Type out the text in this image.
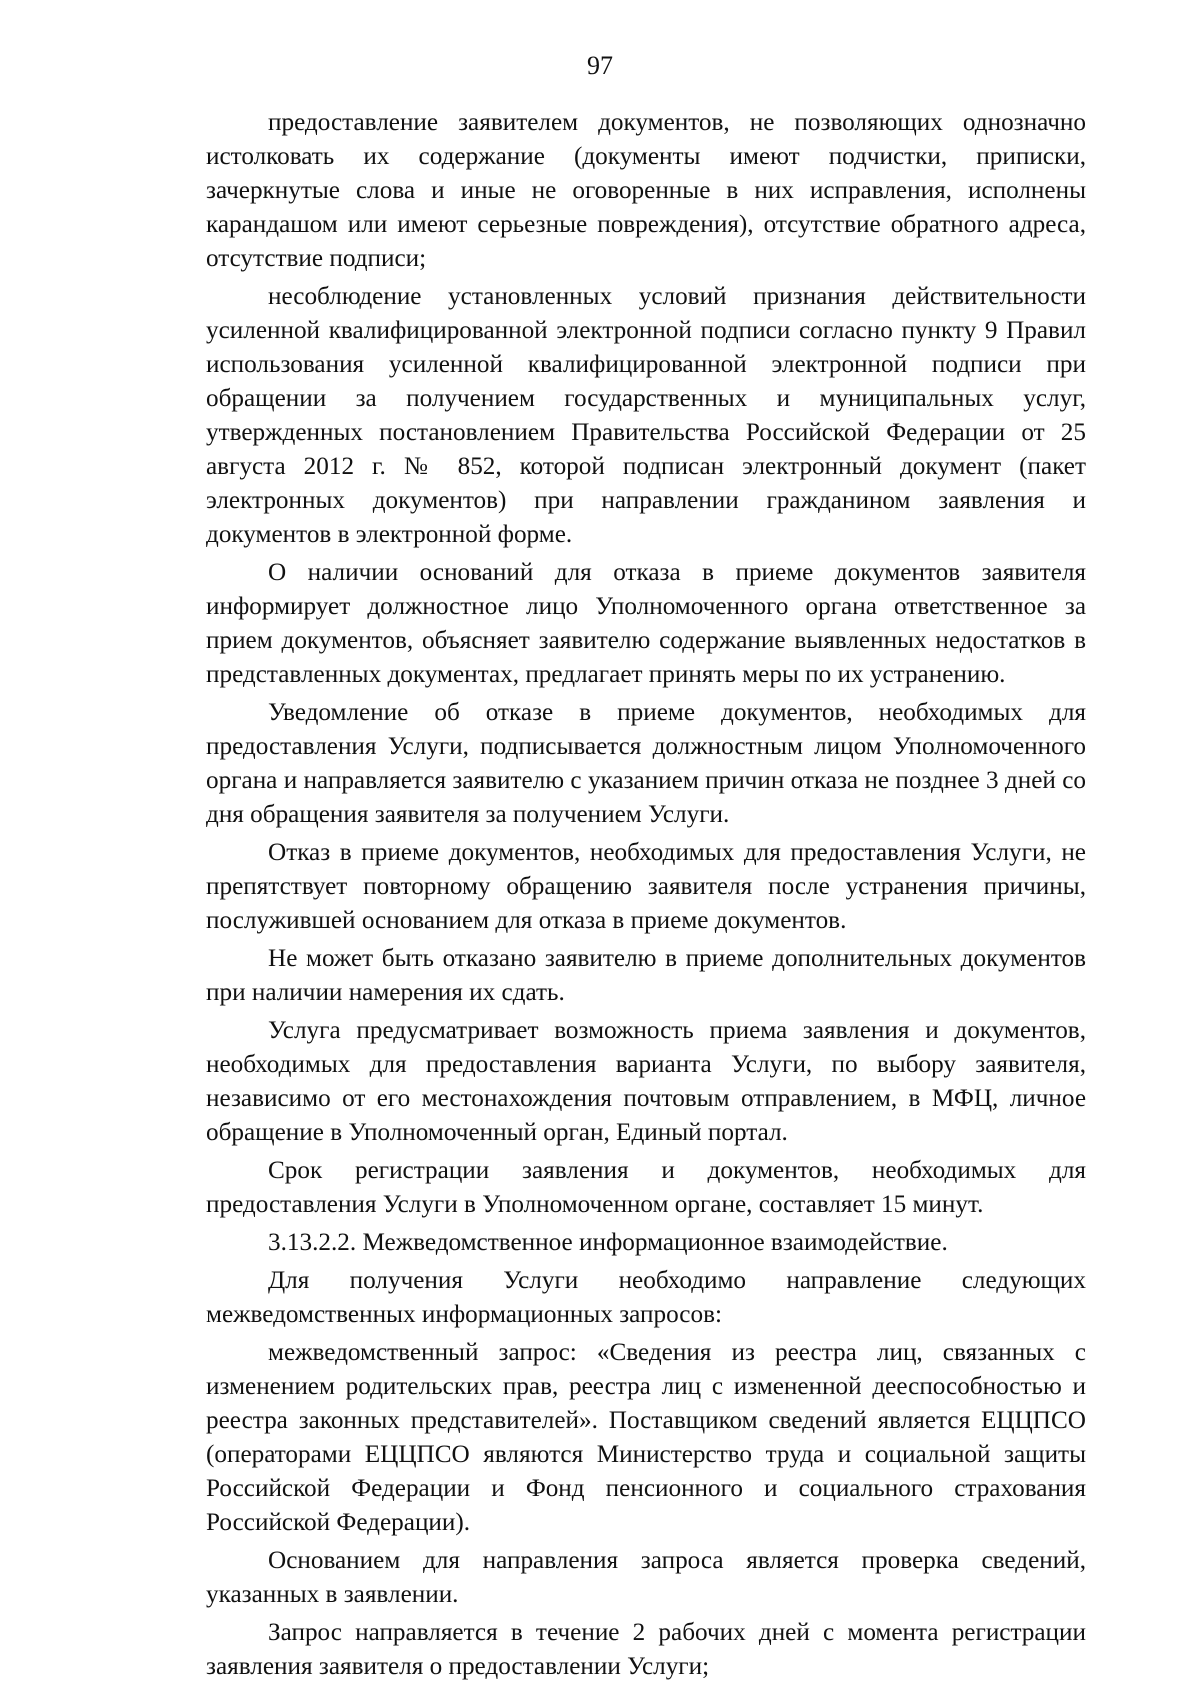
97

предоставление заявителем документов, не позволяющих однозначно истолковать их содержание (документы имеют подчистки, приписки, зачеркнутые слова и иные не оговоренные в них исправления, исполнены карандашом или имеют серьезные повреждения), отсутствие обратного адреса, отсутствие подписи;

несоблюдение установленных условий признания действительности усиленной квалифицированной электронной подписи согласно пункту 9 Правил использования усиленной квалифицированной электронной подписи при обращении за получением государственных и муниципальных услуг, утвержденных постановлением Правительства Российской Федерации от 25 августа 2012 г. № 852, которой подписан электронный документ (пакет электронных документов) при направлении гражданином заявления и документов в электронной форме.

О наличии оснований для отказа в приеме документов заявителя информирует должностное лицо Уполномоченного органа ответственное за прием документов, объясняет заявителю содержание выявленных недостатков в представленных документах, предлагает принять меры по их устранению.

Уведомление об отказе в приеме документов, необходимых для предоставления Услуги, подписывается должностным лицом Уполномоченного органа и направляется заявителю с указанием причин отказа не позднее 3 дней со дня обращения заявителя за получением Услуги.

Отказ в приеме документов, необходимых для предоставления Услуги, не препятствует повторному обращению заявителя после устранения причины, послужившей основанием для отказа в приеме документов.

Не может быть отказано заявителю в приеме дополнительных документов при наличии намерения их сдать.

Услуга предусматривает возможность приема заявления и документов, необходимых для предоставления варианта Услуги, по выбору заявителя, независимо от его местонахождения почтовым отправлением, в МФЦ, личное обращение в Уполномоченный орган, Единый портал.

Срок регистрации заявления и документов, необходимых для предоставления Услуги в Уполномоченном органе, составляет 15 минут.

3.13.2.2. Межведомственное информационное взаимодействие.

Для получения Услуги необходимо направление следующих межведомственных информационных запросов:

межведомственный запрос: «Сведения из реестра лиц, связанных с изменением родительских прав, реестра лиц с измененной дееспособностью и реестра законных представителей». Поставщиком сведений является ЕЦЦПСО (операторами ЕЦЦПСО являются Министерство труда и социальной защиты Российской Федерации и Фонд пенсионного и социального страхования Российской Федерации).

Основанием для направления запроса является проверка сведений, указанных в заявлении.

Запрос направляется в течение 2 рабочих дней с момента регистрации заявления заявителя о предоставлении Услуги;
